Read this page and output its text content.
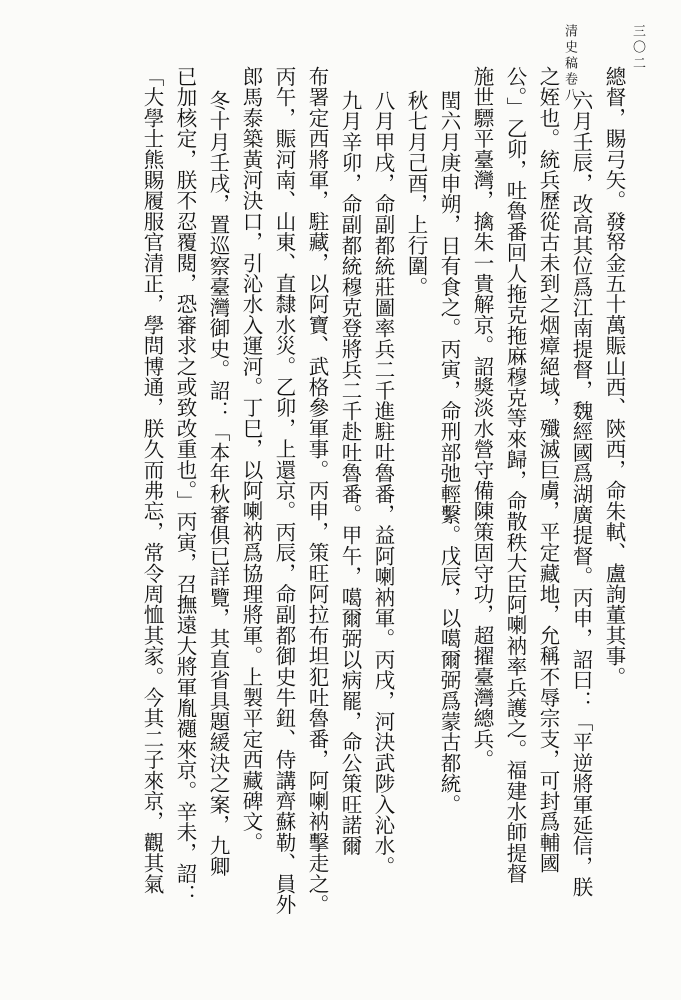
清史稿卷八	三〇二
總督，賜弓矢。發帑金五十萬賑山西、陝西，命朱軾、盧詢董其事。
六月壬辰，改高其位爲江南提督，魏經國爲湖廣提督。丙申，詔曰：「平逆將軍延信，朕
之姪也。統兵歷從古未到之烟瘴絕域，殲滅巨虜，平定藏地，允稱不辱宗支，可封爲輔國
公。」乙卯，吐魯番回人拖克拖麻穆克等來歸，命散秩大臣阿喇衲率兵護之。福建水師提督
施世驃平臺灣，擒朱一貴解京。詔獎淡水營守備陳策固守功，超擢臺灣總兵。
閏六月庚申朔，日有食之。丙寅，命刑部弛輕繫。戊辰，以噶爾弼爲蒙古都統。
秋七月己酉，上行圍。
八月甲戌，命副都統莊圖率兵二千進駐吐魯番，益阿喇衲軍。丙戌，河決武陟入沁水。
九月辛卯，命副都統穆克登將兵二千赴吐魯番。甲午，噶爾弼以病罷，命公策旺諾爾
布署定西將軍，駐藏，以阿寶、武格參軍事。丙申，策旺阿拉布坦犯吐魯番，阿喇衲擊走之。
丙午，賑河南、山東、直隸水災。乙卯，上還京。丙辰，命副都御史牛鈕、侍講齊蘇勒、員外
郎馬泰築黃河決口，引沁水入運河。丁巳，以阿喇衲爲協理將軍。上製平定西藏碑文。
冬十月壬戌，置巡察臺灣御史。詔：「本年秋審俱已詳覽，其直省具題緩決之案，九卿
已加核定，朕不忍覆閱，恐審求之或致改重也。」丙寅，召撫遠大將軍胤禵來京。辛未，詔：
「大學士熊賜履服官清正，學問博通，朕久而弗忘，常令周恤其家。今其二子來京，觀其氣
